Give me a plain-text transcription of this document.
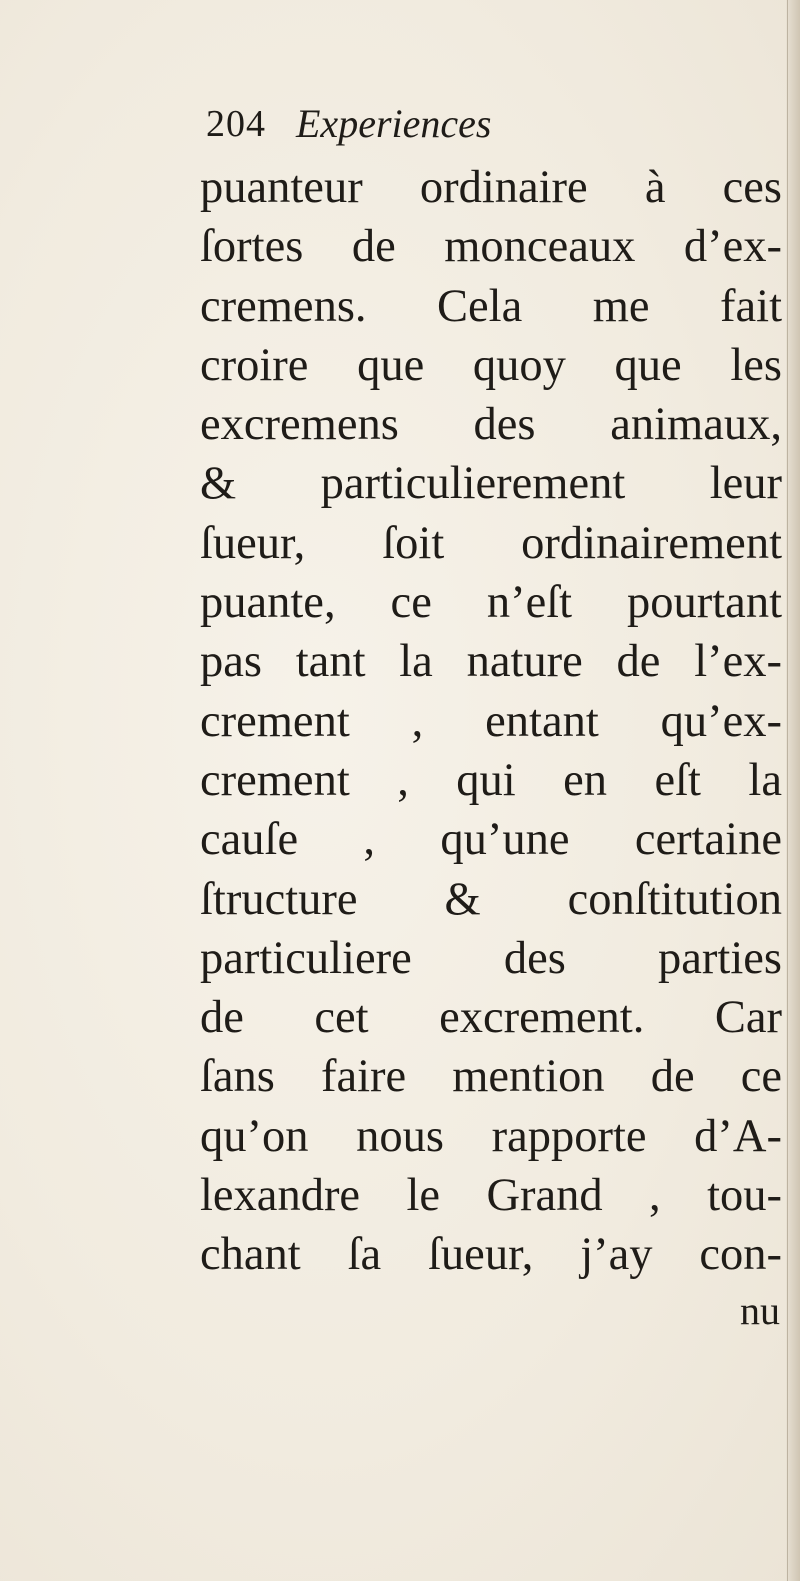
204 Experiences
puanteur ordinaire à ces
ſortes de monceaux d’ex-
cremens. Cela me fait
croire que quoy que les
excremens des animaux,
& particulierement leur
ſueur, ſoit ordinairement
puante, ce n’eſt pourtant
pas tant la nature de l’ex-
crement , entant qu’ex-
crement , qui en eſt la
cauſe , qu’une certaine
ſtructure & conſtitution
particuliere des parties
de cet excrement. Car
ſans faire mention de ce
qu’on nous rapporte d’A-
lexandre le Grand , tou-
chant ſa ſueur, j’ay con-
nu
